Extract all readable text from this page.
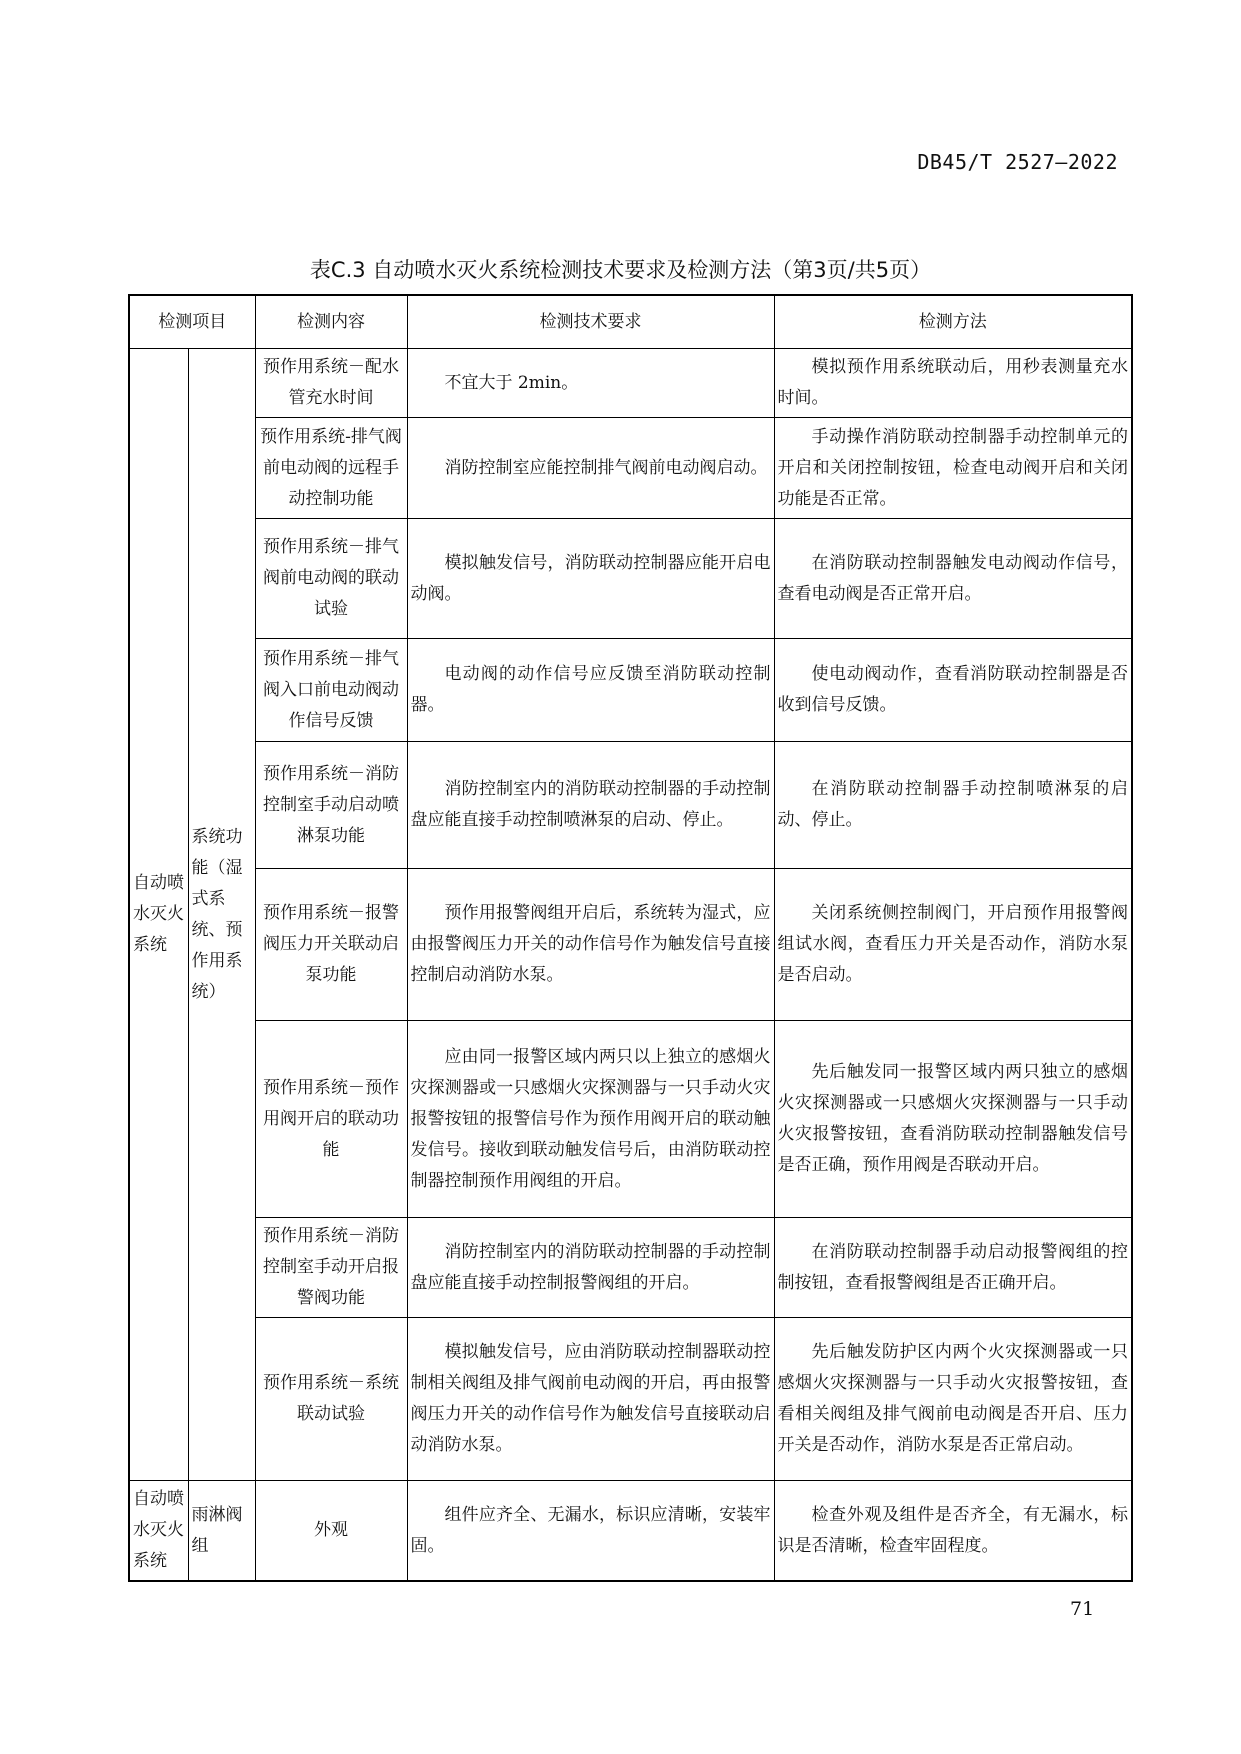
DB45/T 2527—2022
表C.3 自动喷水灭火系统检测技术要求及检测方法（第3页/共5页）
检测项目		检测内容	检测技术要求	检测方法
自动喷水灭火系统	系统功能（湿式系统、预作用系统）	预作用系统－配水管充水时间	不宜大于 2min。	模拟预作用系统联动后，用秒表测量充水时间。
		预作用系统-排气阀前电动阀的远程手动控制功能	消防控制室应能控制排气阀前电动阀启动。	手动操作消防联动控制器手动控制单元的开启和关闭控制按钮，检查电动阀开启和关闭功能是否正常。
		预作用系统－排气阀前电动阀的联动试验	模拟触发信号，消防联动控制器应能开启电动阀。	在消防联动控制器触发电动阀动作信号，查看电动阀是否正常开启。
		预作用系统－排气阀入口前电动阀动作信号反馈	电动阀的动作信号应反馈至消防联动控制器。	使电动阀动作，查看消防联动控制器是否收到信号反馈。
		预作用系统－消防控制室手动启动喷淋泵功能	消防控制室内的消防联动控制器的手动控制盘应能直接手动控制喷淋泵的启动、停止。	在消防联动控制器手动控制喷淋泵的启动、停止。
		预作用系统－报警阀压力开关联动启泵功能	预作用报警阀组开启后，系统转为湿式，应由报警阀压力开关的动作信号作为触发信号直接控制启动消防水泵。	关闭系统侧控制阀门，开启预作用报警阀组试水阀，查看压力开关是否动作，消防水泵是否启动。
		预作用系统－预作用阀开启的联动功能	应由同一报警区域内两只以上独立的感烟火灾探测器或一只感烟火灾探测器与一只手动火灾报警按钮的报警信号作为预作用阀开启的联动触发信号。接收到联动触发信号后，由消防联动控制器控制预作用阀组的开启。	先后触发同一报警区域内两只独立的感烟火灾探测器或一只感烟火灾探测器与一只手动火灾报警按钮，查看消防联动控制器触发信号是否正确，预作用阀是否联动开启。
		预作用系统－消防控制室手动开启报警阀功能	消防控制室内的消防联动控制器的手动控制盘应能直接手动控制报警阀组的开启。	在消防联动控制器手动启动报警阀组的控制按钮，查看报警阀组是否正确开启。
		预作用系统－系统联动试验	模拟触发信号，应由消防联动控制器联动控制相关阀组及排气阀前电动阀的开启，再由报警阀压力开关的动作信号作为触发信号直接联动启动消防水泵。	先后触发防护区内两个火灾探测器或一只感烟火灾探测器与一只手动火灾报警按钮，查看相关阀组及排气阀前电动阀是否开启、压力开关是否动作，消防水泵是否正常启动。
自动喷水灭火系统	雨淋阀组	外观	组件应齐全、无漏水，标识应清晰，安装牢固。	检查外观及组件是否齐全，有无漏水，标识是否清晰，检查牢固程度。
71
